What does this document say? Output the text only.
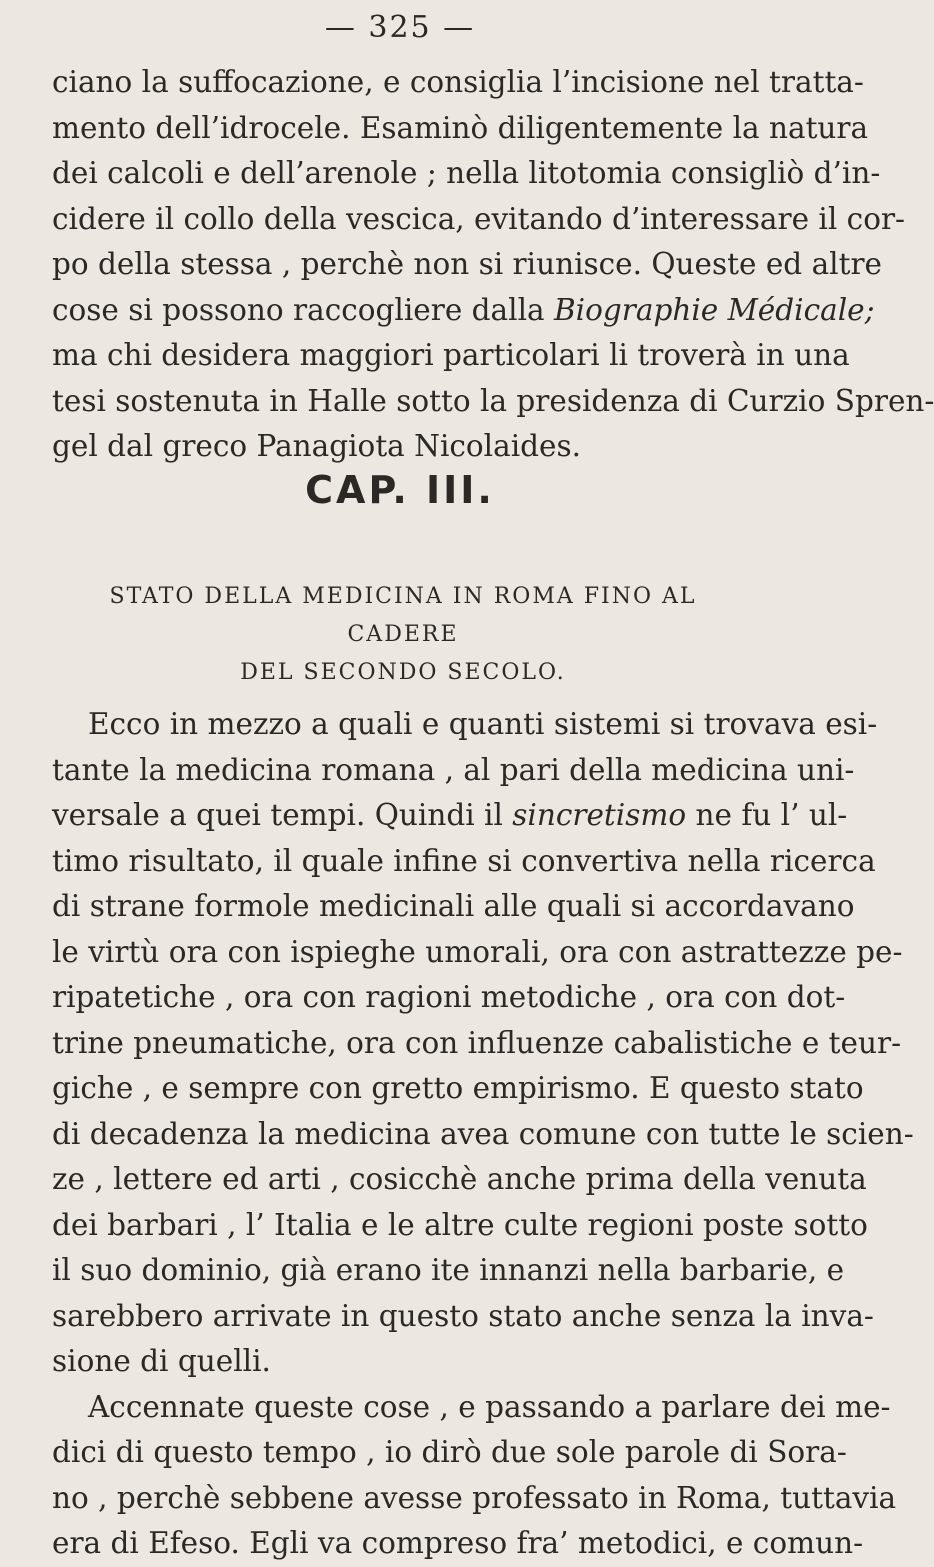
— 325 —
ciano la suffocazione, e consiglia l’incisione nel tratta-
mento dell’idrocele. Esaminò diligentemente la natura
dei calcoli e dell’arenole ; nella litotomia consigliò d’in-
cidere il collo della vescica, evitando d’interessare il cor-
po della stessa , perchè non si riunisce. Queste ed altre
cose si possono raccogliere dalla Biographie Médicale;
ma chi desidera maggiori particolari li troverà in una
tesi sostenuta in Halle sotto la presidenza di Curzio Spren-
gel dal greco Panagiota Nicolaides.
CAP. III.
STATO DELLA MEDICINA IN ROMA FINO AL CADERE
DEL SECONDO SECOLO.
Ecco in mezzo a quali e quanti sistemi si trovava esi-
tante la medicina romana , al pari della medicina uni-
versale a quei tempi. Quindi il sincretismo ne fu l’ ul-
timo risultato, il quale infine si convertiva nella ricerca
di strane formole medicinali alle quali si accordavano
le virtù ora con ispieghe umorali, ora con astrattezze pe-
ripatetiche , ora con ragioni metodiche , ora con dot-
trine pneumatiche, ora con influenze cabalistiche e teur-
giche , e sempre con gretto empirismo. E questo stato
di decadenza la medicina avea comune con tutte le scien-
ze , lettere ed arti , cosicchè anche prima della venuta
dei barbari , l’ Italia e le altre culte regioni poste sotto
il suo dominio, già erano ite innanzi nella barbarie, e
sarebbero arrivate in questo stato anche senza la inva-
sione di quelli.
Accennate queste cose , e passando a parlare dei me-
dici di questo tempo , io dirò due sole parole di Sora-
no , perchè sebbene avesse professato in Roma, tuttavia
era di Efeso. Egli va compreso fra’ metodici, e comun-
